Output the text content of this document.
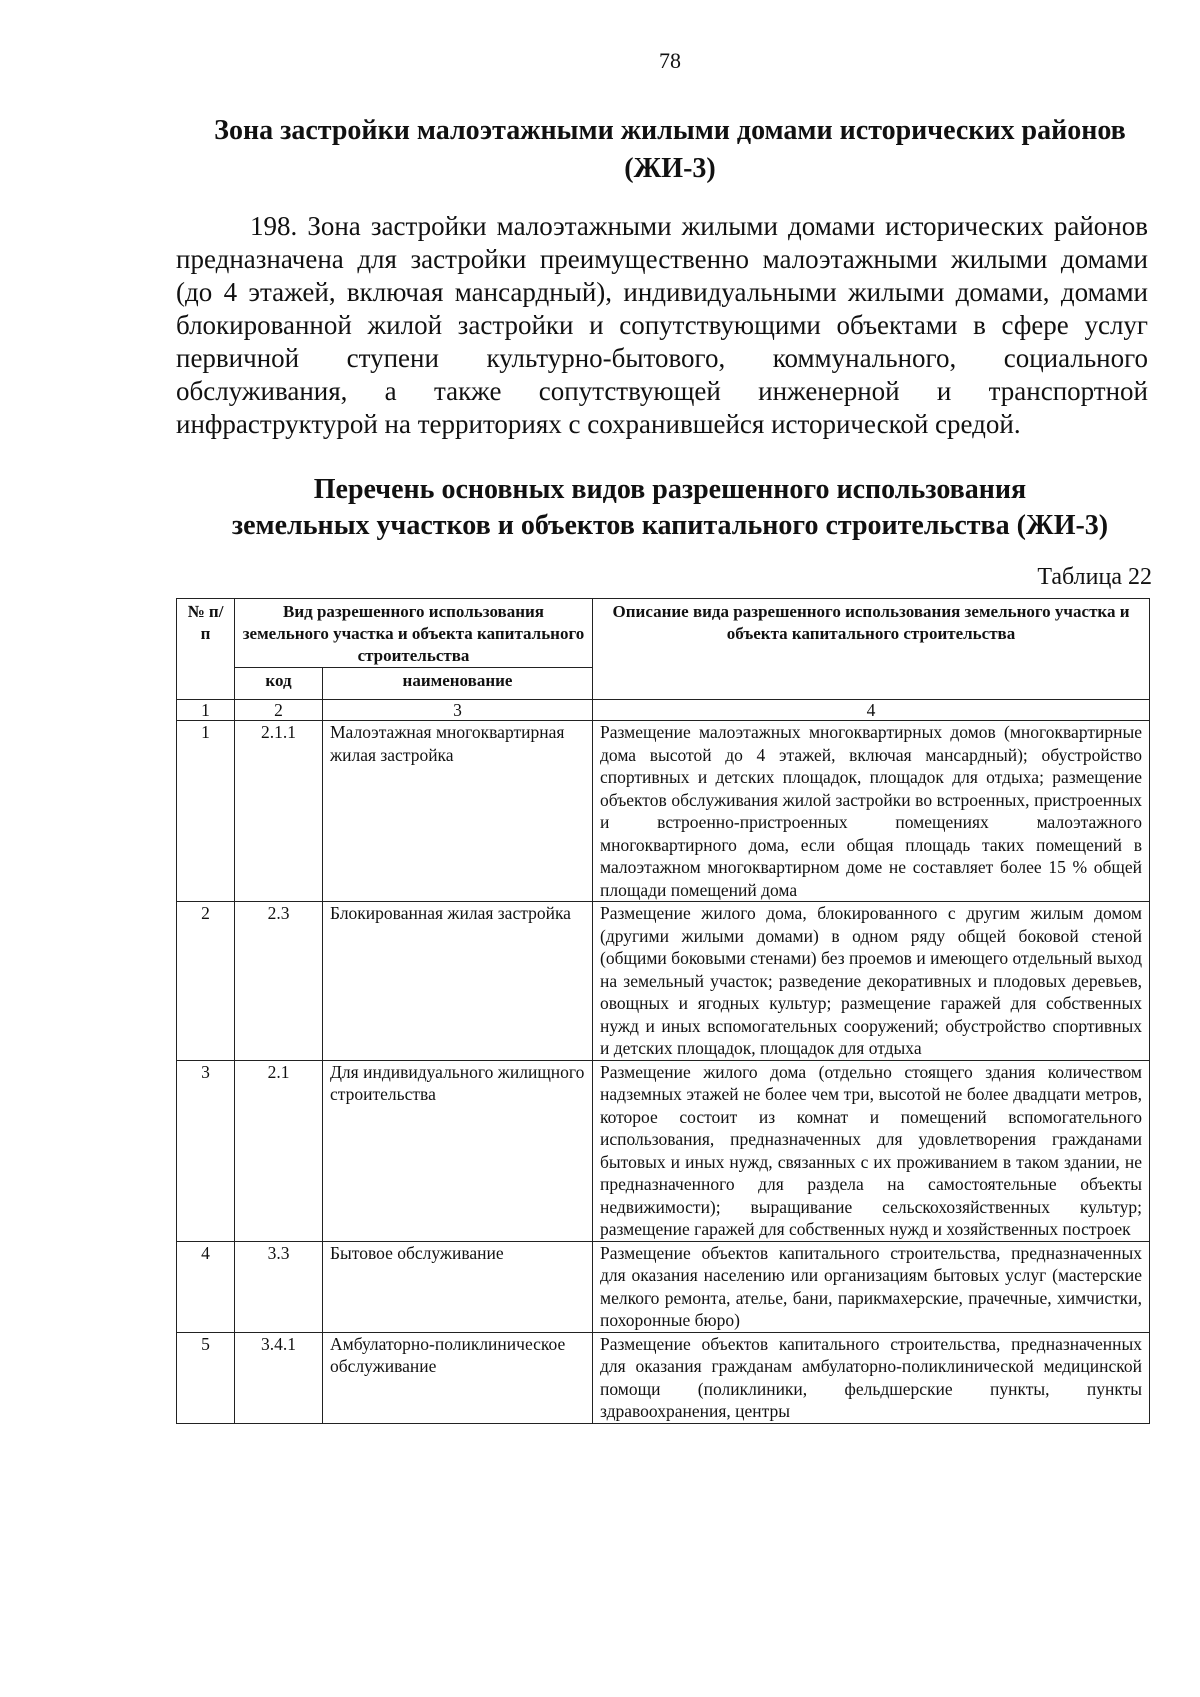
78
Зона застройки малоэтажными жилыми домами исторических районов
(ЖИ-3)

198. Зона застройки малоэтажными жилыми домами исторических районов предназначена для застройки преимущественно малоэтажными жилыми домами (до 4 этажей, включая мансардный), индивидуальными жилыми домами, домами блокированной жилой застройки и сопутствующими объектами в сфере услуг первичной ступени культурно-бытового, коммунального, социального обслуживания, а также сопутствующей инженерной и транспортной инфраструктурой на территориях с сохранившейся исторической средой.

Перечень основных видов разрешенного использования
земельных участков и объектов капитального строительства (ЖИ-3)
Таблица 22
№ п/п	Вид разрешенного использования земельного участка и объекта капитального строительства		Описание вида разрешенного использования земельного участка и объекта капитального строительства
	код	наименование	
1	2	3	4
1	2.1.1	Малоэтажная многоквартирная жилая застройка	Размещение малоэтажных многоквартирных домов (многоквартирные дома высотой до 4 этажей, включая мансардный); обустройство спортивных и детских площадок, площадок для отдыха; размещение объектов обслуживания жилой застройки во встроенных, пристроенных и встроенно-пристроенных помещениях малоэтажного многоквартирного дома, если общая площадь таких помещений в малоэтажном многоквартирном доме не составляет более 15 % общей площади помещений дома
2	2.3	Блокированная жилая застройка	Размещение жилого дома, блокированного с другим жилым домом (другими жилыми домами) в одном ряду общей боковой стеной (общими боковыми стенами) без проемов и имеющего отдельный выход на земельный участок; разведение декоративных и плодовых деревьев, овощных и ягодных культур; размещение гаражей для собственных нужд и иных вспомогательных сооружений; обустройство спортивных и детских площадок, площадок для отдыха
3	2.1	Для индивидуального жилищного строительства	Размещение жилого дома (отдельно стоящего здания количеством надземных этажей не более чем три, высотой не более двадцати метров, которое состоит из комнат и помещений вспомогательного использования, предназначенных для удовлетворения гражданами бытовых и иных нужд, связанных с их проживанием в таком здании, не предназначенного для раздела на самостоятельные объекты недвижимости); выращивание сельскохозяйственных культур; размещение гаражей для собственных нужд и хозяйственных построек
4	3.3	Бытовое обслуживание	Размещение объектов капитального строительства, предназначенных для оказания населению или организациям бытовых услуг (мастерские мелкого ремонта, ателье, бани, парикмахерские, прачечные, химчистки, похоронные бюро)
5	3.4.1	Амбулаторно-поликлиническое обслуживание	Размещение объектов капитального строительства, предназначенных для оказания гражданам амбулаторно-поликлинической медицинской помощи (поликлиники, фельдшерские пункты, пункты здравоохранения, центры
